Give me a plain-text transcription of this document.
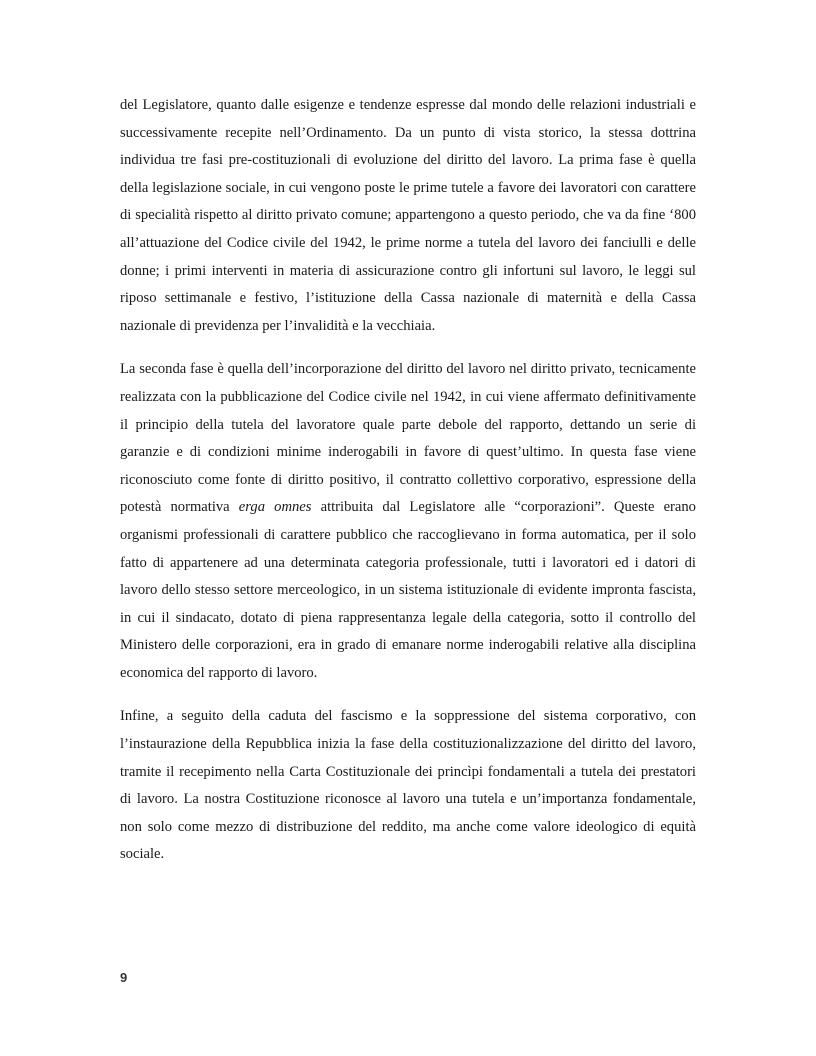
del Legislatore, quanto dalle esigenze e tendenze espresse dal mondo delle relazioni industriali e successivamente recepite nell’Ordinamento. Da un punto di vista storico, la stessa dottrina individua tre fasi pre-costituzionali di evoluzione del diritto del lavoro. La prima fase è quella della legislazione sociale, in cui vengono poste le prime tutele a favore dei lavoratori con carattere di specialità rispetto al diritto privato comune; appartengono a questo periodo, che va da fine ‘800 all’attuazione del Codice civile del 1942, le prime norme a tutela del lavoro dei fanciulli e delle donne; i primi interventi in materia di assicurazione contro gli infortuni sul lavoro, le leggi sul riposo settimanale e festivo, l’istituzione della Cassa nazionale di maternità e della Cassa nazionale di previdenza per l’invalidità e la vecchiaia.

La seconda fase è quella dell’incorporazione del diritto del lavoro nel diritto privato, tecnicamente realizzata con la pubblicazione del Codice civile nel 1942, in cui viene affermato definitivamente il principio della tutela del lavoratore quale parte debole del rapporto, dettando un serie di garanzie e di condizioni minime inderogabili in favore di quest’ultimo. In questa fase viene riconosciuto come fonte di diritto positivo, il contratto collettivo corporativo, espressione della potestà normativa erga omnes attribuita dal Legislatore alle “corporazioni”. Queste erano organismi professionali di carattere pubblico che raccoglievano in forma automatica, per il solo fatto di appartenere ad una determinata categoria professionale, tutti i lavoratori ed i datori di lavoro dello stesso settore merceologico, in un sistema istituzionale di evidente impronta fascista, in cui il sindacato, dotato di piena rappresentanza legale della categoria, sotto il controllo del Ministero delle corporazioni, era in grado di emanare norme inderogabili relative alla disciplina economica del rapporto di lavoro.

Infine, a seguito della caduta del fascismo e la soppressione del sistema corporativo, con l’instaurazione della Repubblica inizia la fase della costituzionalizzazione del diritto del lavoro, tramite il recepimento nella Carta Costituzionale dei princìpi fondamentali a tutela dei prestatori di lavoro. La nostra Costituzione riconosce al lavoro una tutela e un’importanza fondamentale, non solo come mezzo di distribuzione del reddito, ma anche come valore ideologico di equità sociale.

9
